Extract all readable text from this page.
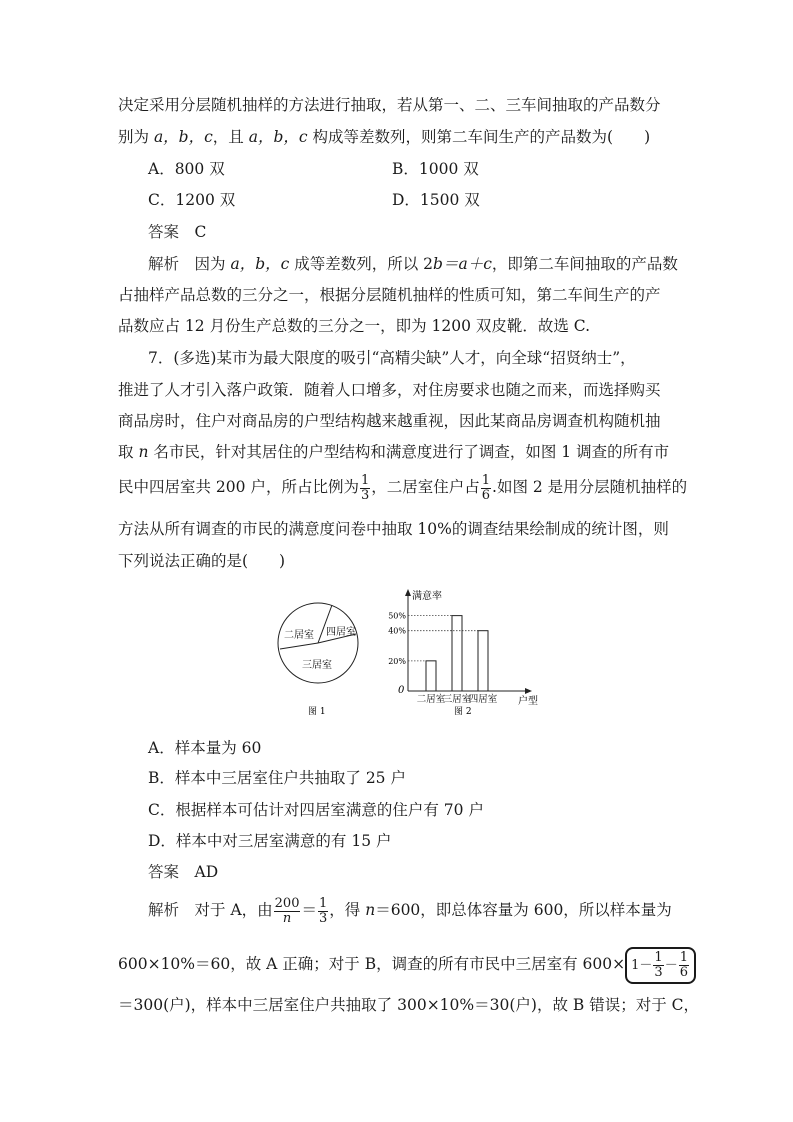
决定采用分层随机抽样的方法进行抽取，若从第一、二、三车间抽取的产品数分
别为 a，b，c，且 a，b，c 构成等差数列，则第二车间生产的产品数为(　　)
A．800 双	B．1000 双
C．1200 双	D．1500 双
答案　 C
解析　 因为 a，b，c 成等差数列，所以 2b＝a＋c，即第二车间抽取的产品数
占抽样产品总数的三分之一，根据分层随机抽样的性质可知，第二车间生产的产
品数应占 12 月份生产总数的三分之一，即为 1200 双皮靴．故选 C.
7．(多选)某市为最大限度的吸引“高精尖缺”人才，向全球“招贤纳士”，
推进了人才引入落户政策．随着人口增多，对住房要求也随之而来，而选择购买
商品房时，住户对商品房的户型结构越来越重视，因此某商品房调查机构随机抽
取 n 名市民，针对其居住的户型结构和满意度进行了调查，如图 1 调查的所有市
民中四居室共 200 户，所占比例为 $\frac{1}{3}$ ，二居室住户占 $\frac{1}{6}$ .如图 2 是用分层随机抽样的
方法从所有调查的市民的满意度问卷中抽取 10%的调查结果绘制成的统计图，则
下列说法正确的是(　　)
二居室 四居室
三居室
图 1
满意率
户型
0
20%
40%
50%
二居室
三居室
四居室
图 2
A．样本量为 60
B．样本中三居室住户共抽取了 25 户
C．根据样本可估计对四居室满意的住户有 70 户
D．样本中对三居室满意的有 15 户
答案　 AD
解析　 对于 A，由 $\frac{200}{n} = \frac{1}{3}$ ，得 n＝600，即总体容量为 600，所以样本量为
600×10%＝60，故 A 正确；对于 B，调查的所有市民中三居室有 $600\times 1- \frac{1}{3} - \frac{1}{6}$
＝300(户)，样本中三居室住户共抽取了 300×10%＝30(户)，故 B 错误；对于 C，
